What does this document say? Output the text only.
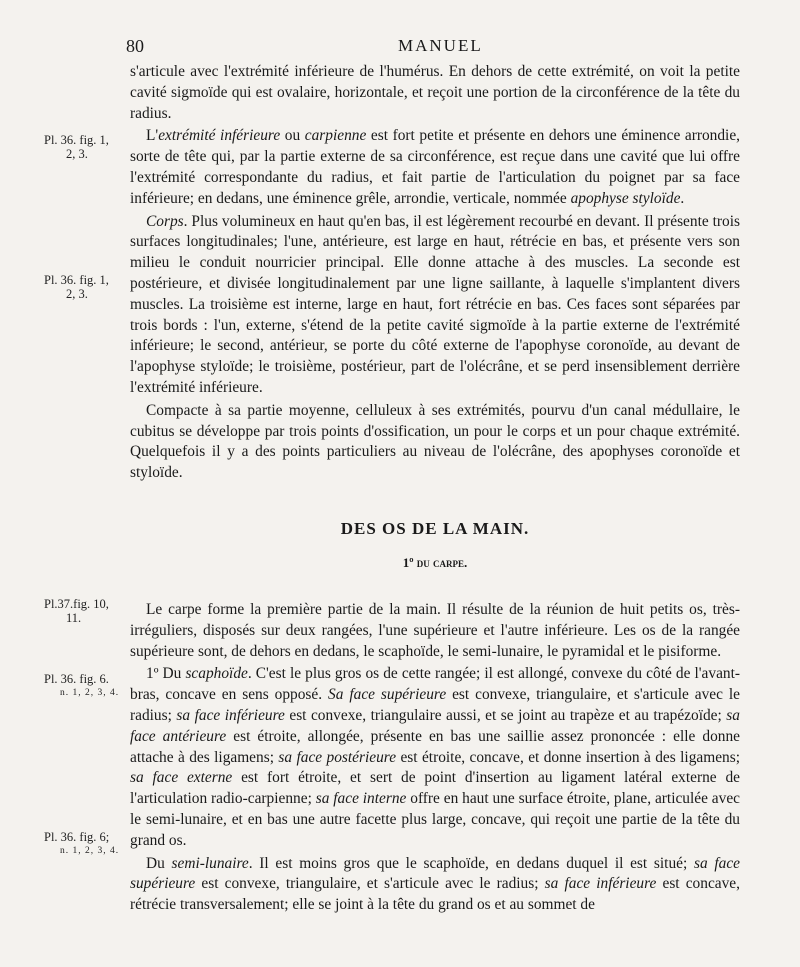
80	MANUEL
Pl. 36. fig. 1,
2, 3.
Pl. 36. fig. 1,
2, 3.
Pl.37.fig. 10,
11.
Pl. 36. fig. 6.
n. 1, 2, 3, 4.
Pl. 36. fig. 6;
n. 1, 2, 3, 4.

s'articule avec l'extrémité inférieure de l'humérus. En dehors de cette extrémité, on voit la petite cavité sigmoïde qui est ovalaire, horizontale, et reçoit une portion de la circonférence de la tête du radius.

L'extrémité inférieure ou carpienne est fort petite et présente en dehors une éminence arrondie, sorte de tête qui, par la partie externe de sa circonférence, est reçue dans une cavité que lui offre l'extrémité correspondante du radius, et fait partie de l'articulation du poignet par sa face inférieure; en dedans, une éminence grêle, arrondie, verticale, nommée apophyse styloïde.

Corps. Plus volumineux en haut qu'en bas, il est légèrement recourbé en devant. Il présente trois surfaces longitudinales; l'une, antérieure, est large en haut, rétrécie en bas, et présente vers son milieu le conduit nourricier principal. Elle donne attache à des muscles. La seconde est postérieure, et divisée longitudinalement par une ligne saillante, à laquelle s'implantent divers muscles. La troisième est interne, large en haut, fort rétrécie en bas. Ces faces sont séparées par trois bords : l'un, externe, s'étend de la petite cavité sigmoïde à la partie externe de l'extrémité inférieure; le second, antérieur, se porte du côté externe de l'apophyse coronoïde, au devant de l'apophyse styloïde; le troisième, postérieur, part de l'olécrâne, et se perd insensiblement derrière l'extrémité inférieure.

Compacte à sa partie moyenne, celluleux à ses extrémités, pourvu d'un canal médullaire, le cubitus se développe par trois points d'ossification, un pour le corps et un pour chaque extrémité. Quelquefois il y a des points particuliers au niveau de l'olécrâne, des apophyses coronoïde et styloïde.

DES OS DE LA MAIN.
1º du carpe.

Le carpe forme la première partie de la main. Il résulte de la réunion de huit petits os, très-irréguliers, disposés sur deux rangées, l'une supérieure et l'autre inférieure. Les os de la rangée supérieure sont, de dehors en dedans, le scaphoïde, le semi-lunaire, le pyramidal et le pisiforme.

1º Du scaphoïde. C'est le plus gros os de cette rangée; il est allongé, convexe du côté de l'avant-bras, concave en sens opposé. Sa face supérieure est convexe, triangulaire, et s'articule avec le radius; sa face inférieure est convexe, triangulaire aussi, et se joint au trapèze et au trapézoïde; sa face antérieure est étroite, allongée, présente en bas une saillie assez prononcée : elle donne attache à des ligamens; sa face postérieure est étroite, concave, et donne insertion à des ligamens; sa face externe est fort étroite, et sert de point d'insertion au ligament latéral externe de l'articulation radio-carpienne; sa face interne offre en haut une surface étroite, plane, articulée avec le semi-lunaire, et en bas une autre facette plus large, concave, qui reçoit une partie de la tête du grand os.

Du semi-lunaire. Il est moins gros que le scaphoïde, en dedans duquel il est situé; sa face supérieure est convexe, triangulaire, et s'articule avec le radius; sa face inférieure est concave, rétrécie transversalement; elle se joint à la tête du grand os et au sommet de
